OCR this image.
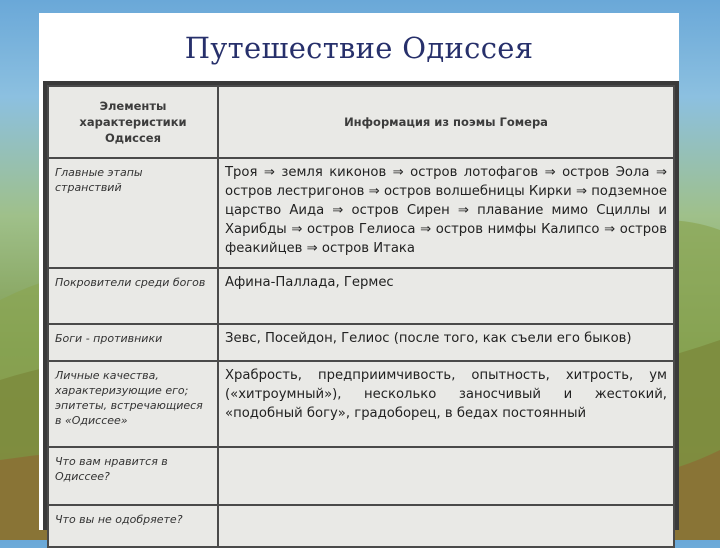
Путешествие Одиссея
Элементы характеристики Одиссея	Информация из поэмы Гомера
Главные этапы странствий	Троя ⇒ земля киконов ⇒ остров лотофагов ⇒ остров Эола ⇒ остров лестригонов ⇒ остров волшебницы Кирки ⇒ подземное царство Аида ⇒ остров Сирен ⇒ плавание мимо Сциллы и Харибды ⇒ остров Гелиоса ⇒ остров нимфы Калипсо ⇒ остров феакийцев ⇒ остров Итака
Покровители среди богов	Афина-Паллада, Гермес
Боги - противники	Зевс, Посейдон, Гелиос (после того, как съели его быков)
Личные качества, характеризующие его; эпитеты, встречающиеся в «Одиссее»	Храбрость, предприимчивость, опытность, хитрость, ум («хитроумный»), несколько заносчивый и жестокий, «подобный богу», градоборец, в бедах постоянный
Что вам нравится в Одиссее?	
Что вы не одобряете?	
